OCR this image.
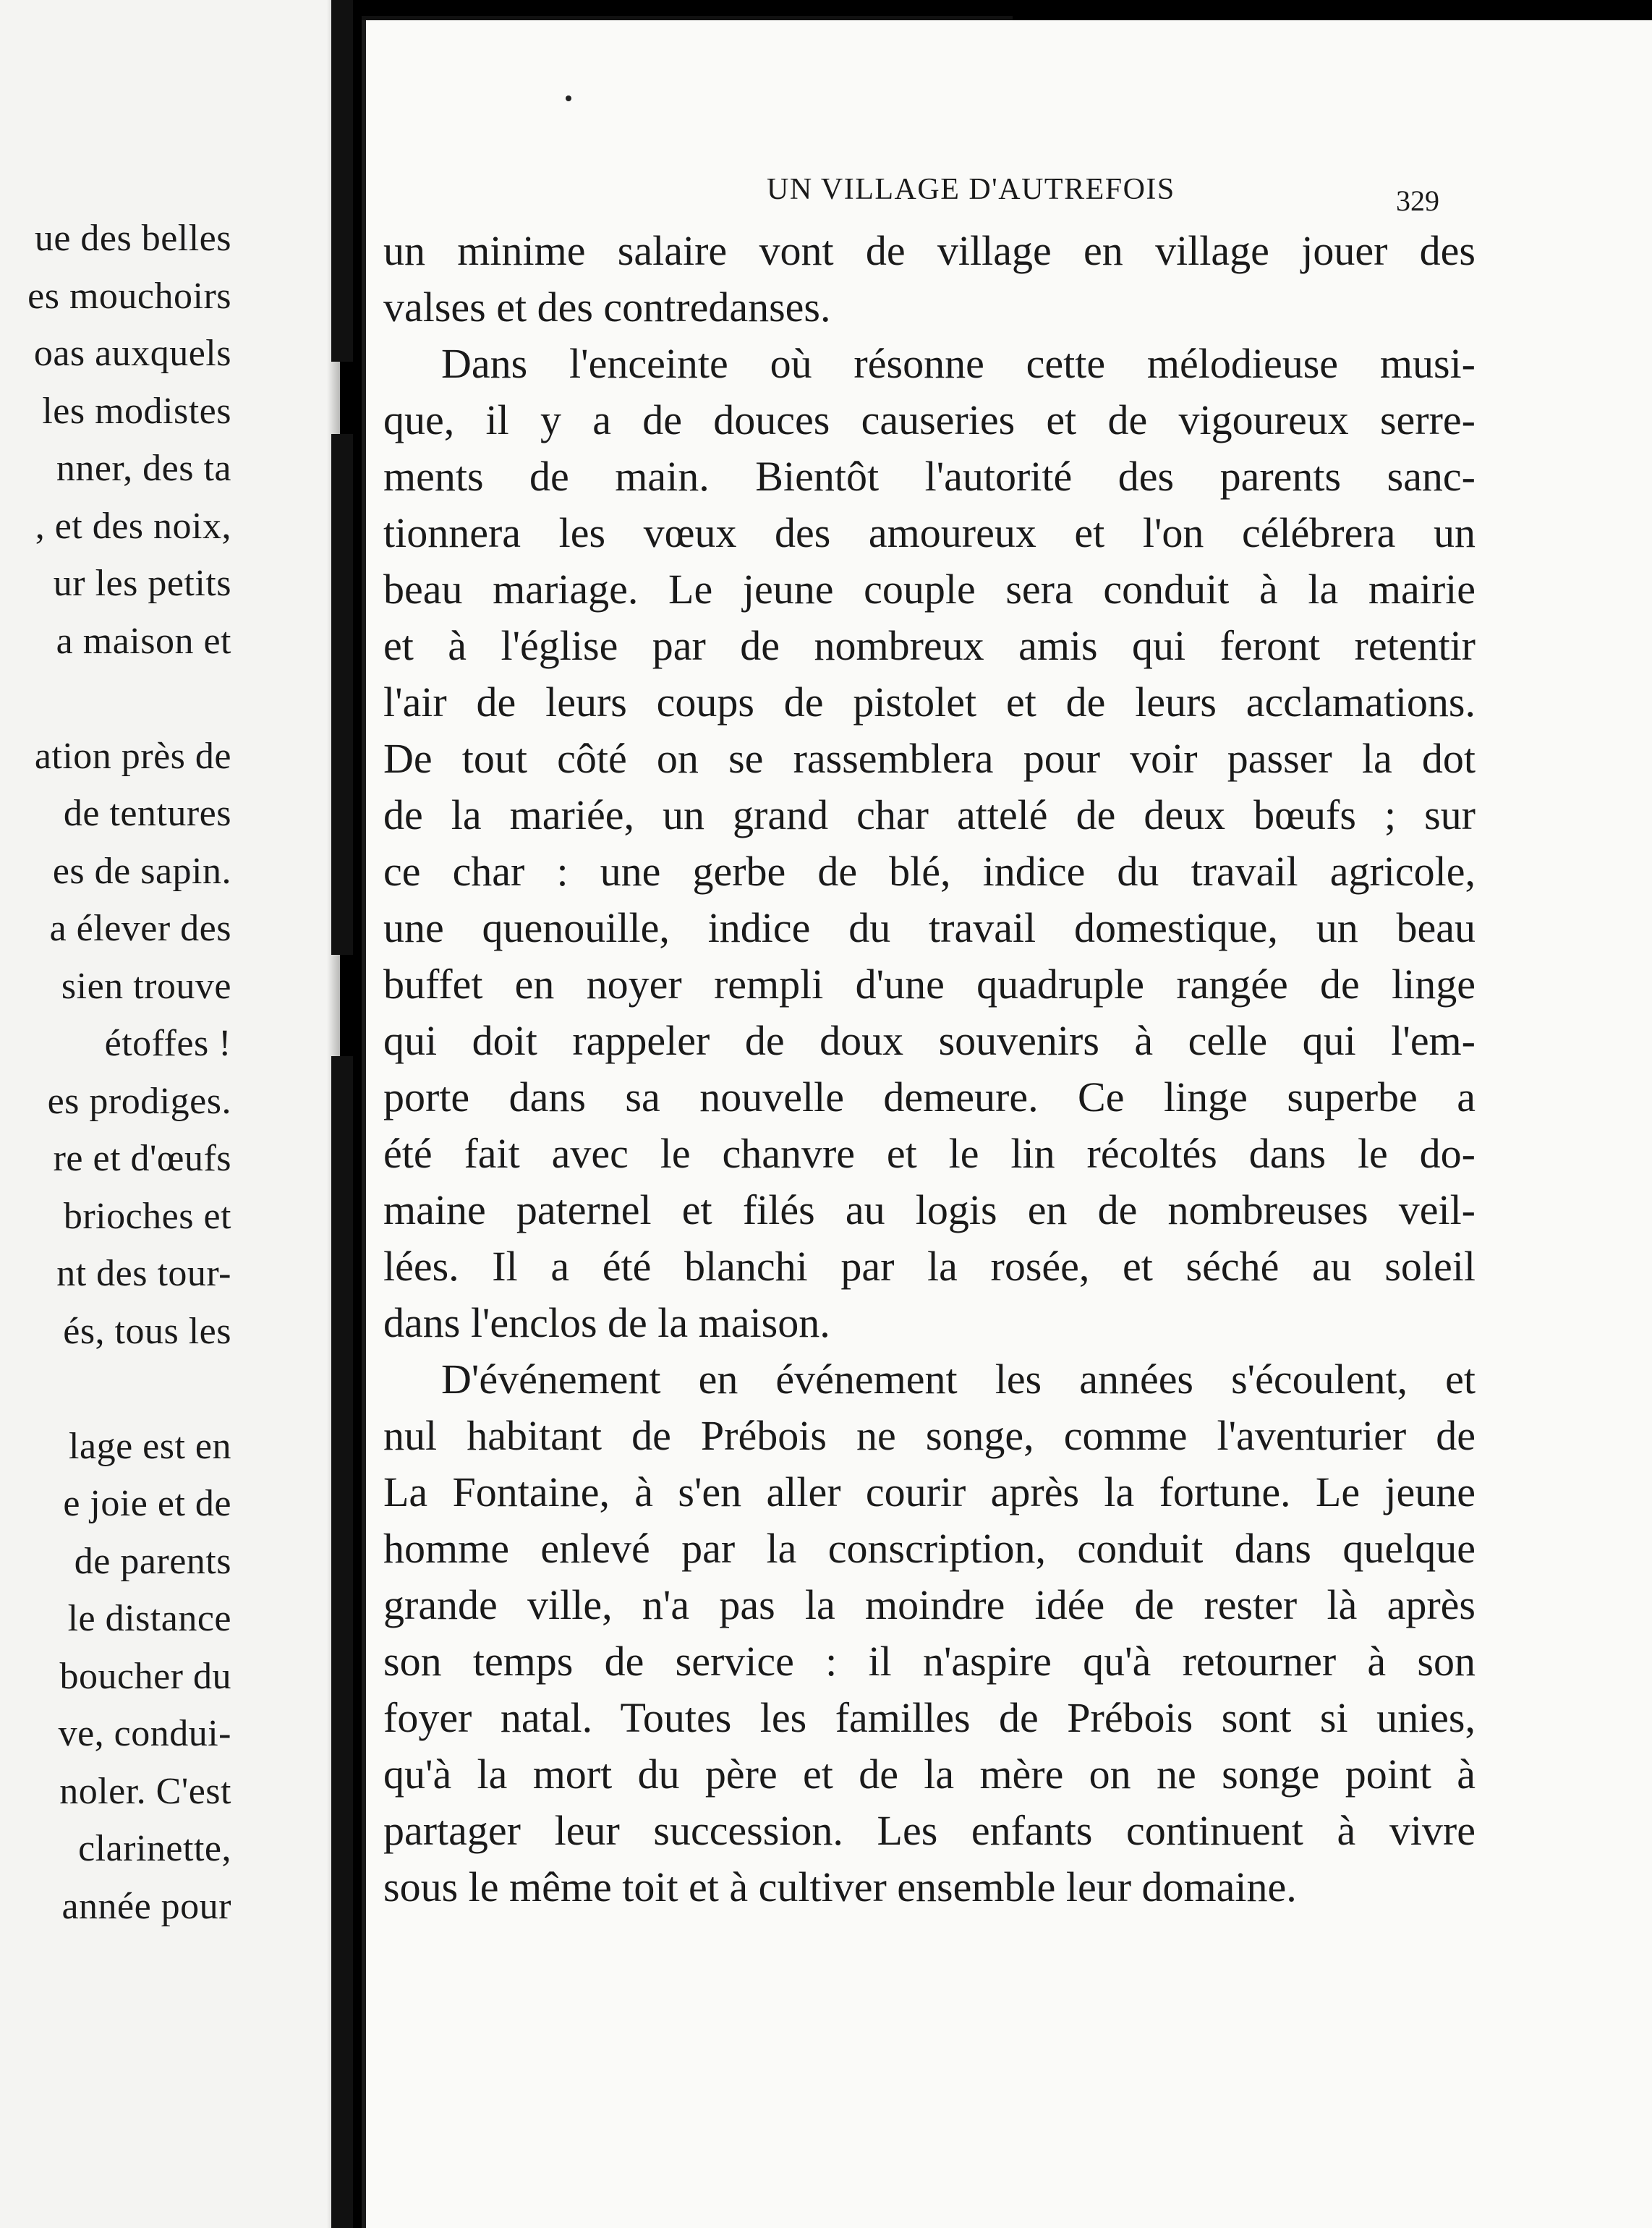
ue des belles
es mouchoirs
oas auxquels
les modistes
nner, des ta
, et des noix,
ur les petits
a maison et
ation près de
de tentures
es de sapin.
a élever des
sien trouve
étoffes !
es prodiges.
re et d'œufs
brioches et
nt des tour-
és, tous les
lage est en
e joie et de
de parents
le distance
boucher du
ve, condui-
noler. C'est
clarinette,
année pour
UN VILLAGE D'AUTREFOIS	329
un minime salaire vont de village en village jouer des
valses et des contredanses.
Dans l'enceinte où résonne cette mélodieuse musi-
que, il y a de douces causeries et de vigoureux serre-
ments de main. Bientôt l'autorité des parents sanc-
tionnera les vœux des amoureux et l'on célébrera un
beau mariage. Le jeune couple sera conduit à la mairie
et à l'église par de nombreux amis qui feront retentir
l'air de leurs coups de pistolet et de leurs acclamations.
De tout côté on se rassemblera pour voir passer la dot
de la mariée, un grand char attelé de deux bœufs ; sur
ce char : une gerbe de blé, indice du travail agricole,
une quenouille, indice du travail domestique, un beau
buffet en noyer rempli d'une quadruple rangée de linge
qui doit rappeler de doux souvenirs à celle qui l'em-
porte dans sa nouvelle demeure. Ce linge superbe a
été fait avec le chanvre et le lin récoltés dans le do-
maine paternel et filés au logis en de nombreuses veil-
lées. Il a été blanchi par la rosée, et séché au soleil
dans l'enclos de la maison.
D'événement en événement les années s'écoulent, et
nul habitant de Prébois ne songe, comme l'aventurier de
La Fontaine, à s'en aller courir après la fortune. Le jeune
homme enlevé par la conscription, conduit dans quelque
grande ville, n'a pas la moindre idée de rester là après
son temps de service : il n'aspire qu'à retourner à son
foyer natal. Toutes les familles de Prébois sont si unies,
qu'à la mort du père et de la mère on ne songe point à
partager leur succession. Les enfants continuent à vivre
sous le même toit et à cultiver ensemble leur domaine.
